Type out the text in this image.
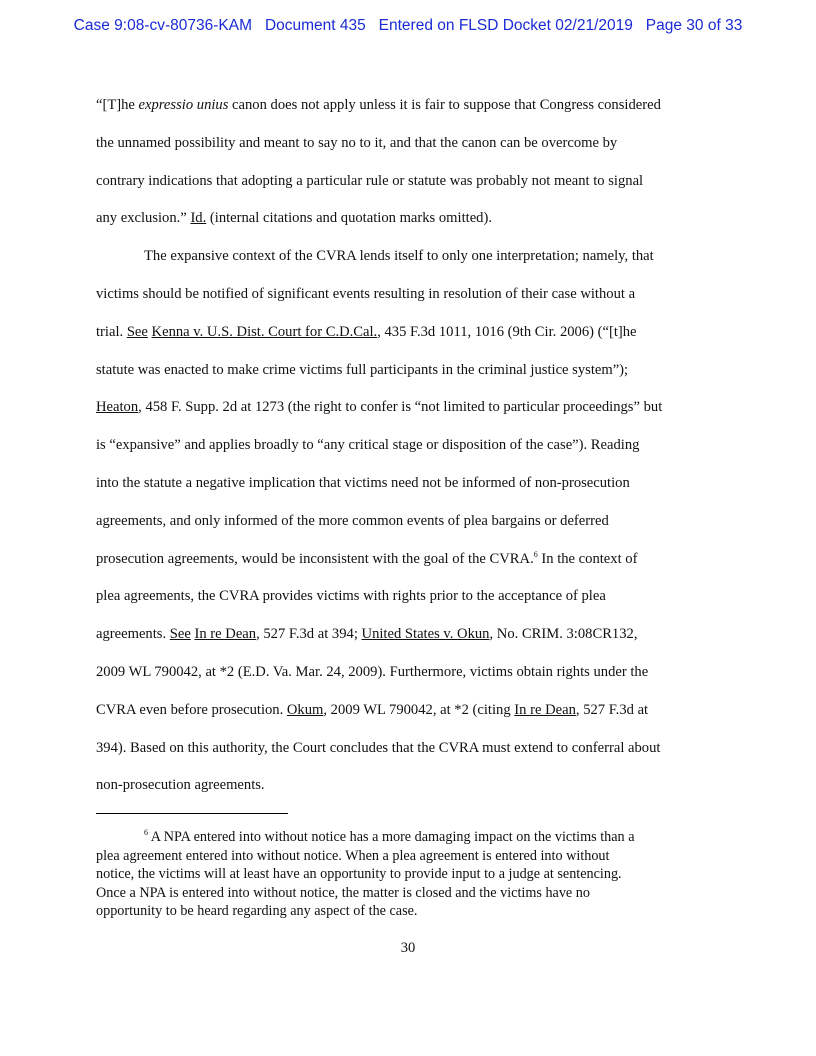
Case 9:08-cv-80736-KAM Document 435 Entered on FLSD Docket 02/21/2019 Page 30 of 33
“[T]he expressio unius canon does not apply unless it is fair to suppose that Congress considered
the unnamed possibility and meant to say no to it, and that the canon can be overcome by
contrary indications that adopting a particular rule or statute was probably not meant to signal
any exclusion.” Id. (internal citations and quotation marks omitted).
The expansive context of the CVRA lends itself to only one interpretation; namely, that
victims should be notified of significant events resulting in resolution of their case without a
trial. See Kenna v. U.S. Dist. Court for C.D.Cal., 435 F.3d 1011, 1016 (9th Cir. 2006) (“[t]he
statute was enacted to make crime victims full participants in the criminal justice system”);
Heaton, 458 F. Supp. 2d at 1273 (the right to confer is “not limited to particular proceedings” but
is “expansive” and applies broadly to “any critical stage or disposition of the case”). Reading
into the statute a negative implication that victims need not be informed of non-prosecution
agreements, and only informed of the more common events of plea bargains or deferred
prosecution agreements, would be inconsistent with the goal of the CVRA.$^6$ In the context of
plea agreements, the CVRA provides victims with rights prior to the acceptance of plea
agreements. See In re Dean, 527 F.3d at 394; United States v. Okun, No. CRIM. 3:08CR132,
2009 WL 790042, at *2 (E.D. Va. Mar. 24, 2009). Furthermore, victims obtain rights under the
CVRA even before prosecution. Okum, 2009 WL 790042, at *2 (citing In re Dean, 527 F.3d at
394). Based on this authority, the Court concludes that the CVRA must extend to conferral about
non-prosecution agreements.
$^6$ A NPA entered into without notice has a more damaging impact on the victims than a
plea agreement entered into without notice. When a plea agreement is entered into without
notice, the victims will at least have an opportunity to provide input to a judge at sentencing.
Once a NPA is entered into without notice, the matter is closed and the victims have no
opportunity to be heard regarding any aspect of the case.
30
